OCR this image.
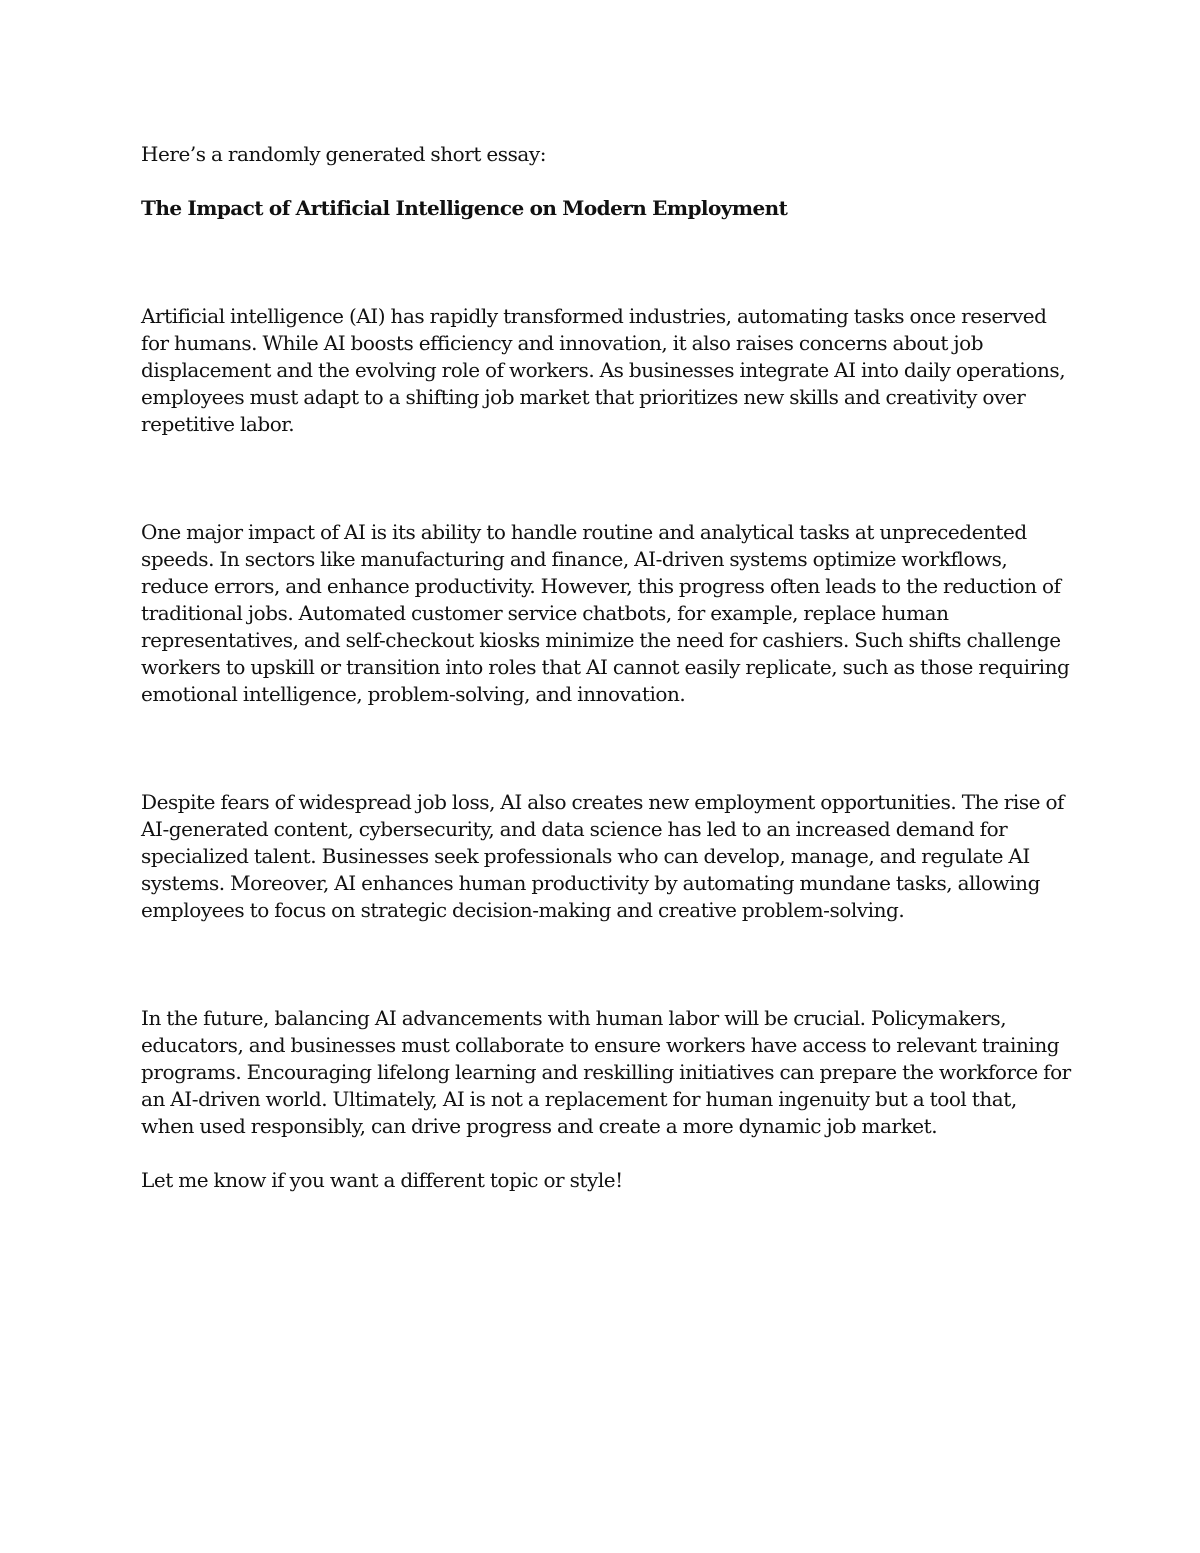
Here’s a randomly generated short essay:

The Impact of Artificial Intelligence on Modern Employment

Artificial intelligence (AI) has rapidly transformed industries, automating tasks once reserved for humans. While AI boosts efficiency and innovation, it also raises concerns about job displacement and the evolving role of workers. As businesses integrate AI into daily operations, employees must adapt to a shifting job market that prioritizes new skills and creativity over repetitive labor.

One major impact of AI is its ability to handle routine and analytical tasks at unprecedented speeds. In sectors like manufacturing and finance, AI-driven systems optimize workflows, reduce errors, and enhance productivity. However, this progress often leads to the reduction of traditional jobs. Automated customer service chatbots, for example, replace human representatives, and self-checkout kiosks minimize the need for cashiers. Such shifts challenge workers to upskill or transition into roles that AI cannot easily replicate, such as those requiring emotional intelligence, problem-solving, and innovation.

Despite fears of widespread job loss, AI also creates new employment opportunities. The rise of AI-generated content, cybersecurity, and data science has led to an increased demand for specialized talent. Businesses seek professionals who can develop, manage, and regulate AI systems. Moreover, AI enhances human productivity by automating mundane tasks, allowing employees to focus on strategic decision-making and creative problem-solving.

In the future, balancing AI advancements with human labor will be crucial. Policymakers, educators, and businesses must collaborate to ensure workers have access to relevant training programs. Encouraging lifelong learning and reskilling initiatives can prepare the workforce for an AI-driven world. Ultimately, AI is not a replacement for human ingenuity but a tool that, when used responsibly, can drive progress and create a more dynamic job market.

Let me know if you want a different topic or style!
